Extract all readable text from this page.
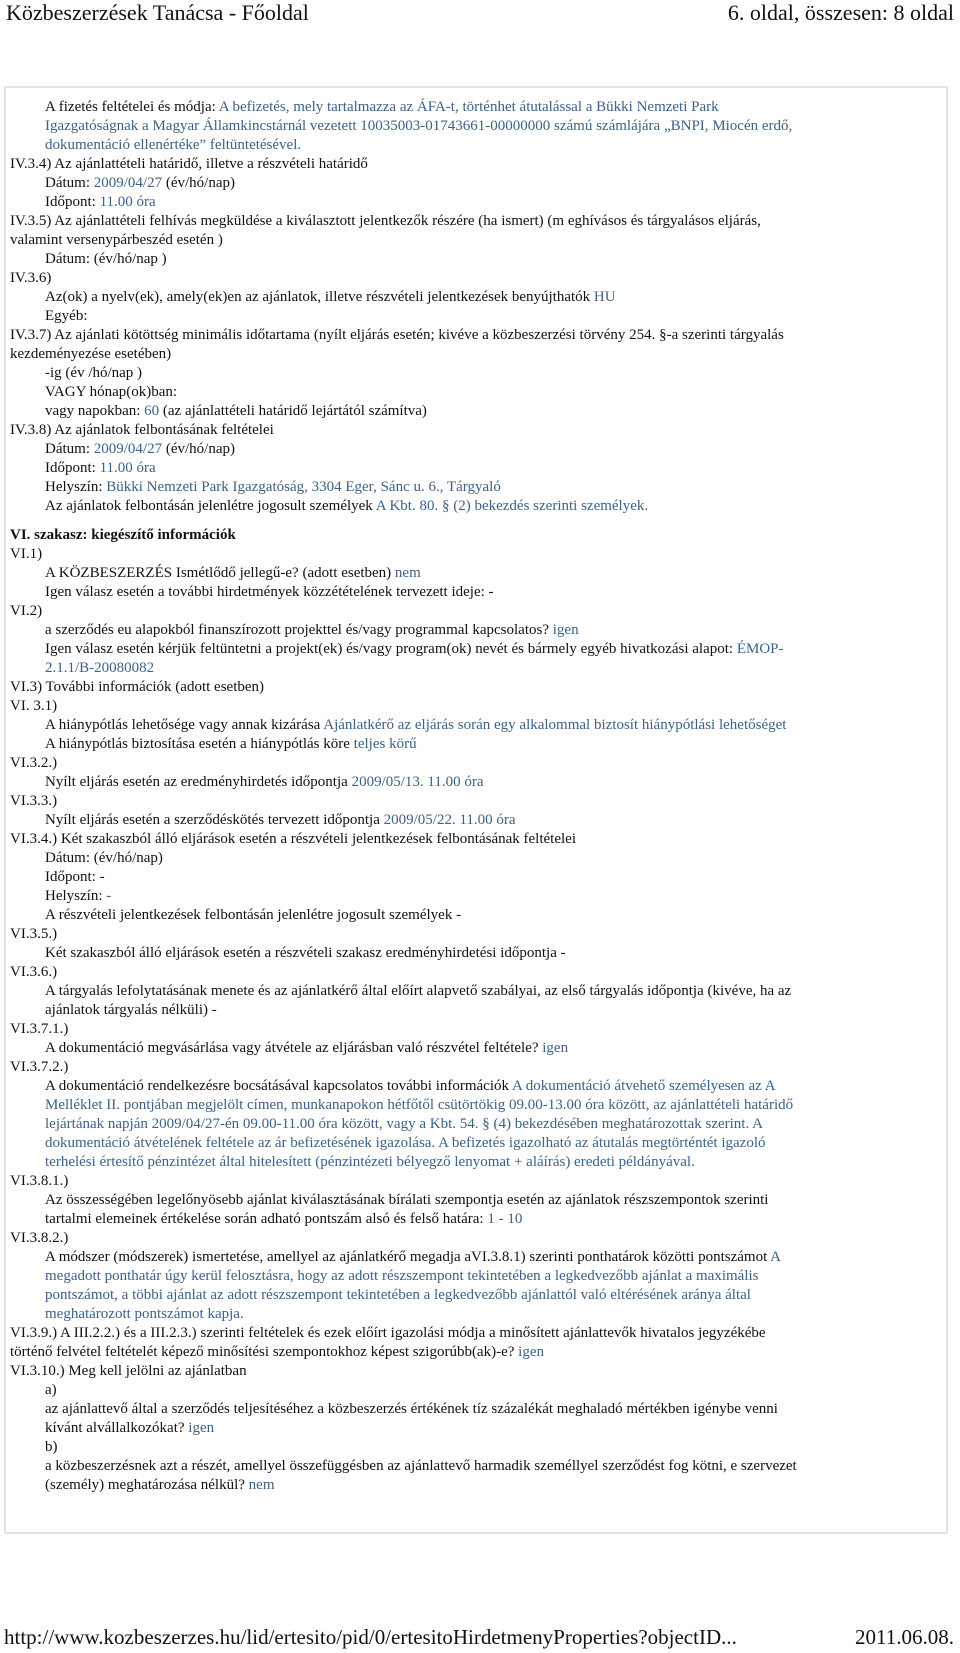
Közbeszerzések Tanácsa - Főoldal	6. oldal, összesen: 8 oldal
A fizetés feltételei és módja: A befizetés, mely tartalmazza az ÁFA-t, történhet átutalással a Bükki Nemzeti Park
Igazgatóságnak a Magyar Államkincstárnál vezetett 10035003-01743661-00000000 számú számlájára „BNPI, Miocén erdő,
dokumentáció ellenértéke” feltüntetésével.
IV.3.4) Az ajánlattételi határidő, illetve a részvételi határidő
Dátum: 2009/04/27 (év/hó/nap)
Időpont: 11.00 óra
IV.3.5) Az ajánlattételi felhívás megküldése a kiválasztott jelentkezők részére (ha ismert) (m eghívásos és tárgyalásos eljárás,
valamint versenypárbeszéd esetén )
Dátum: (év/hó/nap )
IV.3.6)
Az(ok) a nyelv(ek), amely(ek)en az ajánlatok, illetve részvételi jelentkezések benyújthatók HU
Egyéb:
IV.3.7) Az ajánlati kötöttség minimális időtartama (nyílt eljárás esetén; kivéve a közbeszerzési törvény 254. §-a szerinti tárgyalás
kezdeményezése esetében)
-ig (év /hó/nap )
VAGY hónap(ok)ban:
vagy napokban: 60 (az ajánlattételi határidő lejártától számítva)
IV.3.8) Az ajánlatok felbontásának feltételei
Dátum: 2009/04/27 (év/hó/nap)
Időpont: 11.00 óra
Helyszín: Bükki Nemzeti Park Igazgatóság, 3304 Eger, Sánc u. 6., Tárgyaló
Az ajánlatok felbontásán jelenlétre jogosult személyek A Kbt. 80. § (2) bekezdés szerinti személyek.
VI. szakasz: kiegészítő információk
VI.1)
A KÖZBESZERZÉS Ismétlődő jellegű-e? (adott esetben) nem
Igen válasz esetén a további hirdetmények közzétételének tervezett ideje: -
VI.2)
a szerződés eu alapokból finanszírozott projekttel és/vagy programmal kapcsolatos? igen
Igen válasz esetén kérjük feltüntetni a projekt(ek) és/vagy program(ok) nevét és bármely egyéb hivatkozási alapot: ÉMOP-
2.1.1/B-20080082
VI.3) További információk (adott esetben)
VI. 3.1)
A hiánypótlás lehetősége vagy annak kizárása Ajánlatkérő az eljárás során egy alkalommal biztosít hiánypótlási lehetőséget
A hiánypótlás biztosítása esetén a hiánypótlás köre teljes körű
VI.3.2.)
Nyílt eljárás esetén az eredményhirdetés időpontja 2009/05/13. 11.00 óra
VI.3.3.)
Nyílt eljárás esetén a szerződéskötés tervezett időpontja 2009/05/22. 11.00 óra
VI.3.4.) Két szakaszból álló eljárások esetén a részvételi jelentkezések felbontásának feltételei
Dátum: (év/hó/nap)
Időpont: -
Helyszín: -
A részvételi jelentkezések felbontásán jelenlétre jogosult személyek -
VI.3.5.)
Két szakaszból álló eljárások esetén a részvételi szakasz eredményhirdetési időpontja -
VI.3.6.)
A tárgyalás lefolytatásának menete és az ajánlatkérő által előírt alapvető szabályai, az első tárgyalás időpontja (kivéve, ha az
ajánlatok tárgyalás nélküli) -
VI.3.7.1.)
A dokumentáció megvásárlása vagy átvétele az eljárásban való részvétel feltétele? igen
VI.3.7.2.)
A dokumentáció rendelkezésre bocsátásával kapcsolatos további információk A dokumentáció átvehető személyesen az A
Melléklet II. pontjában megjelölt címen, munkanapokon hétfőtől csütörtökig 09.00-13.00 óra között, az ajánlattételi határidő
lejártának napján 2009/04/27-én 09.00-11.00 óra között, vagy a Kbt. 54. § (4) bekezdésében meghatározottak szerint. A
dokumentáció átvételének feltétele az ár befizetésének igazolása. A befizetés igazolható az átutalás megtörténtét igazoló
terhelési értesítő pénzintézet által hitelesített (pénzintézeti bélyegző lenyomat + aláírás) eredeti példányával.
VI.3.8.1.)
Az összességében legelőnyösebb ajánlat kiválasztásának bírálati szempontja esetén az ajánlatok részszempontok szerinti
tartalmi elemeinek értékelése során adható pontszám alsó és felső határa: 1 - 10
VI.3.8.2.)
A módszer (módszerek) ismertetése, amellyel az ajánlatkérő megadja aVI.3.8.1) szerinti ponthatárok közötti pontszámot A
megadott ponthatár úgy kerül felosztásra, hogy az adott részszempont tekintetében a legkedvezőbb ajánlat a maximális
pontszámot, a többi ajánlat az adott részszempont tekintetében a legkedvezőbb ajánlattól való eltérésének aránya által
meghatározott pontszámot kapja.
VI.3.9.) A III.2.2.) és a III.2.3.) szerinti feltételek és ezek előírt igazolási módja a minősített ajánlattevők hivatalos jegyzékébe
történő felvétel feltételét képező minősítési szempontokhoz képest szigorúbb(ak)-e? igen
VI.3.10.) Meg kell jelölni az ajánlatban
a)
az ajánlattevő által a szerződés teljesítéséhez a közbeszerzés értékének tíz százalékát meghaladó mértékben igénybe venni
kívánt alvállalkozókat? igen
b)
a közbeszerzésnek azt a részét, amellyel összefüggésben az ajánlattevő harmadik személlyel szerződést fog kötni, e szervezet
(személy) meghatározása nélkül? nem
http://www.kozbeszerzes.hu/lid/ertesito/pid/0/ertesitoHirdetmenyProperties?objectID...	2011.06.08.
